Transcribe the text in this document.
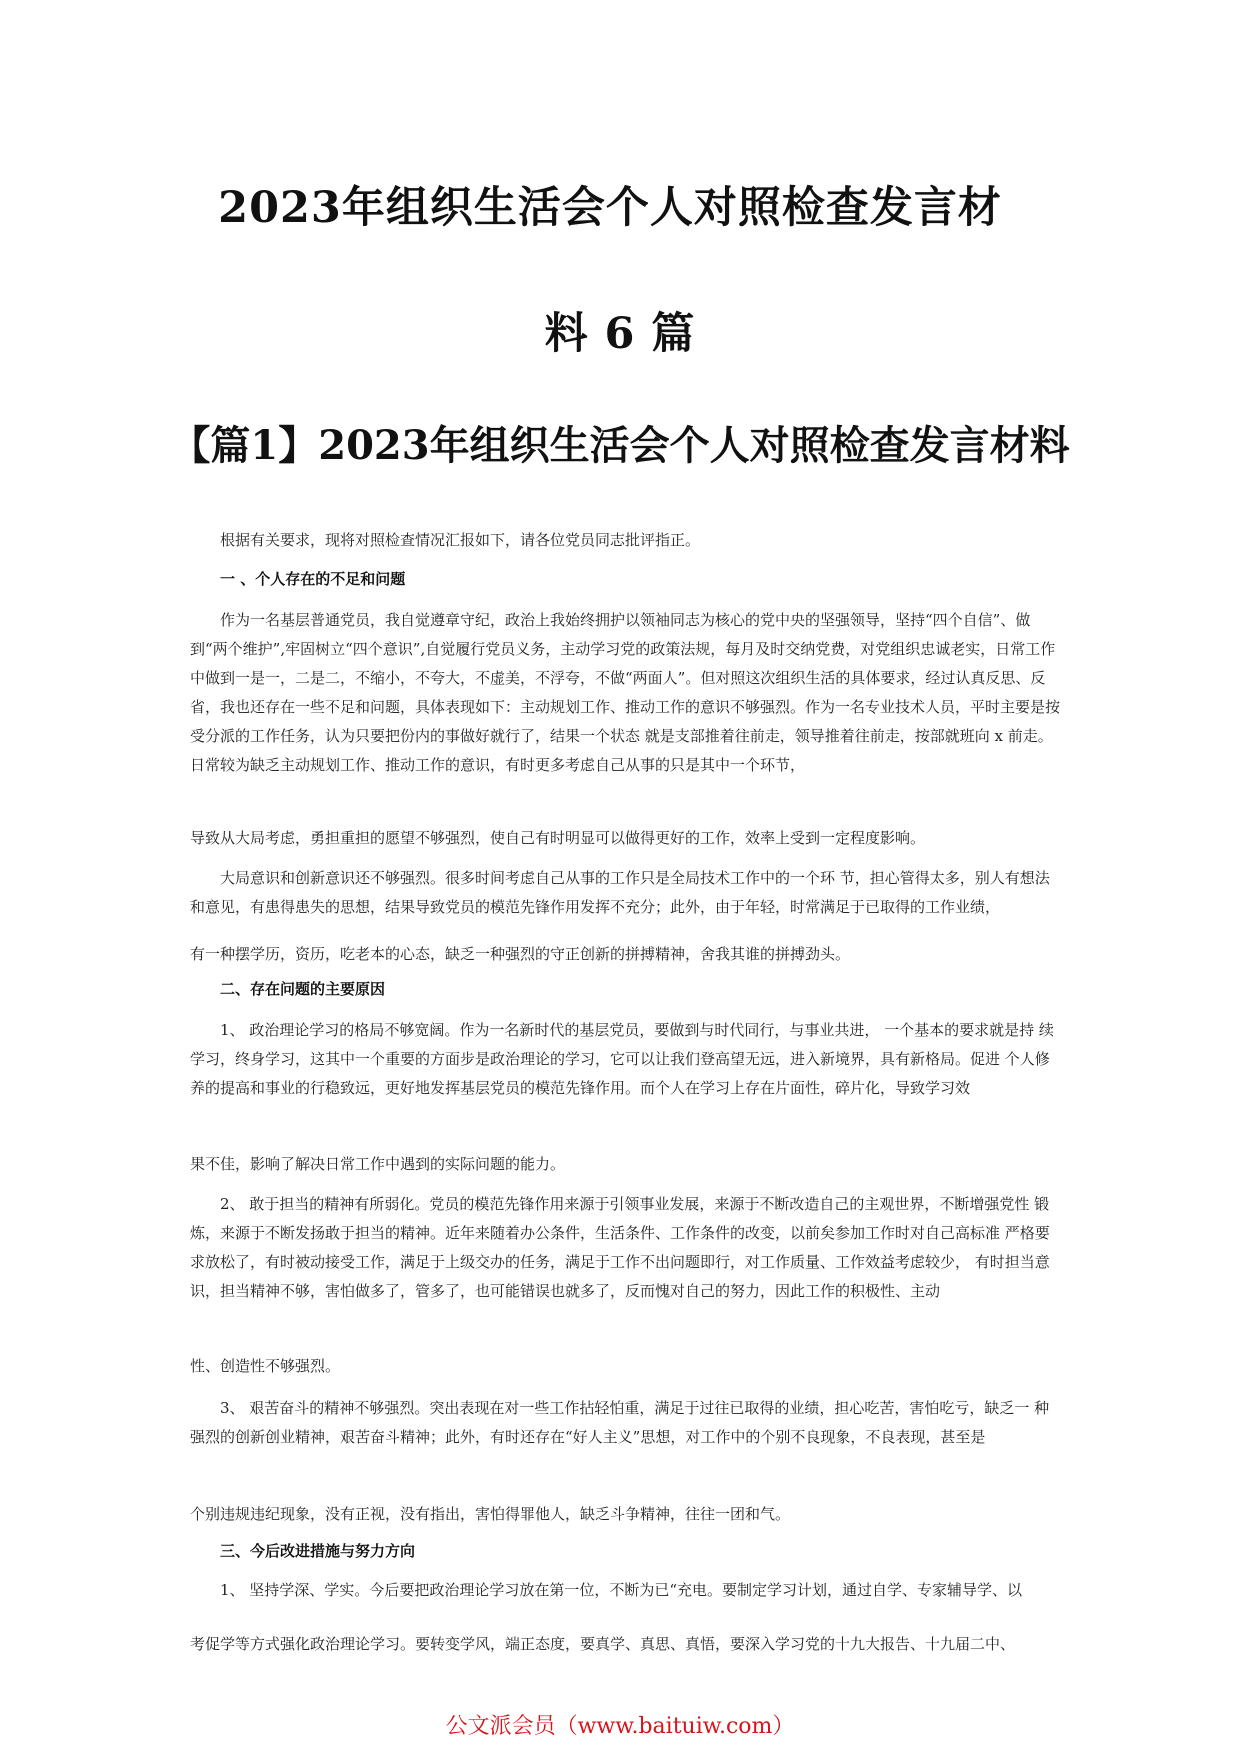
2023年组织生活会个人对照检查发言材
料 6 篇
【篇1】2023年组织生活会个人对照检查发言材料
根据有关要求，现将对照检查情况汇报如下，请各位党员同志批评指正。
一 、个人存在的不足和问题
作为一名基层普通党员，我自觉遵章守纪，政治上我始终拥护以领袖同志为核心的党中央的坚强领导，坚持“四个自信”、做到“两个维护”,牢固树立“四个意识”,自觉履行党员义务，主动学习党的政策法规，每月及时交纳党费，对党组织忠诚老实，日常工作中做到一是一，二是二，不缩小，不夸大，不虚美，不浮夸，不做“两面人”。但对照这次组织生活的具体要求，经过认真反思、反省，我也还存在一些不足和问题，具体表现如下：主动规划工作、推动工作的意识不够强烈。作为一名专业技术人员，平时主要是按受分派的工作任务，认为只要把份内的事做好就行了，结果一个状态 就是支部推着往前走，领导推着往前走，按部就班向 x 前走。日常较为缺乏主动规划工作、推动工作的意识，有时更多考虑自己从事的只是其中一个环节，
导致从大局考虑，勇担重担的愿望不够强烈，使自己有时明显可以做得更好的工作，效率上受到一定程度影响。
大局意识和创新意识还不够强烈。很多时间考虑自己从事的工作只是全局技术工作中的一个环 节，担心管得太多，别人有想法和意见，有患得患失的思想，结果导致党员的模范先锋作用发挥不充分；此外，由于年轻，时常满足于已取得的工作业绩，
有一种摆学历，资历，吃老本的心态，缺乏一种强烈的守正创新的拼搏精神，舍我其谁的拼搏劲头。
二、存在问题的主要原因
1、 政治理论学习的格局不够宽阔。作为一名新时代的基层党员，要做到与时代同行，与事业共进， 一个基本的要求就是持 续学习，终身学习，这其中一个重要的方面步是政治理论的学习，它可以让我们登高望无远，进入新境界，具有新格局。促进 个人修养的提高和事业的行稳致远，更好地发挥基层党员的模范先锋作用。而个人在学习上存在片面性，碎片化，导致学习效
果不佳，影响了解决日常工作中遇到的实际问题的能力。
2、 敢于担当的精神有所弱化。党员的模范先锋作用来源于引领事业发展，来源于不断改造自己的主观世界，不断增强党性 锻炼，来源于不断发扬敢于担当的精神。近年来随着办公条件，生活条件、工作条件的改变，以前矣参加工作时对自己高标准 严格要求放松了，有时被动接受工作，满足于上级交办的任务，满足于工作不出问题即行，对工作质量、工作效益考虑较少， 有时担当意识，担当精神不够，害怕做多了，管多了，也可能错误也就多了，反而愧对自己的努力，因此工作的积极性、主动
性、创造性不够强烈。
3、 艰苦奋斗的精神不够强烈。突出表现在对一些工作拈轻怕重，满足于过往已取得的业绩，担心吃苦，害怕吃亏，缺乏一 种强烈的创新创业精神，艰苦奋斗精神；此外，有时还存在“好人主义”思想，对工作中的个别不良现象，不良表现，甚至是
个别违规违纪现象，没有正视，没有指出，害怕得罪他人，缺乏斗争精神，往往一团和气。
三、今后改进措施与努力方向
1、 坚持学深、学实。今后要把政治理论学习放在第一位，不断为已“充电。要制定学习计划，通过自学、专家辅导学、以
考促学等方式强化政治理论学习。要转变学风，端正态度，要真学、真思、真悟，要深入学习党的十九大报告、十九届二中、
公文派会员（www.baituiw.com）
